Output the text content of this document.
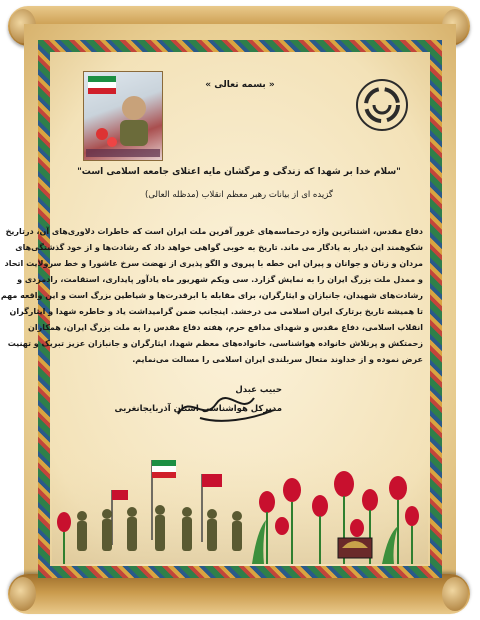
« بسمه تعالی »
"سلام خدا بر شهدا که زندگی و مرگشان مایه اعتلای جامعه اسلامی است"
گزیده ای از بیانات رهبر معظم انقلاب (مدظله العالی)
دفاع مقدس، اشتناترین واژه درحماسه‌های غرور آفرین ملت ایران است که خاطرات دلاوری‌های آن، درتاریخ
شکوهمند این دیار به یادگار می ماند. تاریخ به خوبی گواهی خواهد داد که رشادت‌ها و از خود گذشتگی‌های
مردان و زنان و جوانان و پیران این خطه با پیروی و الگو پذیری از نهضت سرخ عاشورا و خط سرولایت اتحاد
و ممدل ملت بزرگ ایران را به نمایش گزارد. سی ویکم شهریور ماه یادآور پایداری، استقامت، رادمردی و
رشادت‌های شهیدان، جانبازان و ایثارگران، برای مقابله با ابرقدرت‌ها و شیاطین بزرگ است و این واقعه مهم
تا همیشه تاریخ برتارک ایران اسلامی می درخشد. اینجانب ضمن گرامیداشت یاد و خاطره شهدا و ایثارگران
انقلاب اسلامی، دفاع مقدس و شهدای مدافع حرم، هفته دفاع مقدس را به ملت بزرگ ایران، همکاران
زحمتکش و پرتلاش خانواده هواشناسی، خانواده‌های معظم شهدا، ایثارگران و جانبازان عزیز تبریک و تهنیت
عرض نموده و از خداوند متعال سربلندی ایران اسلامی را مسالت می‌نمایم.
حبیب عبدل
مدیرکل هواشناسی استان آذربایجانغربی
